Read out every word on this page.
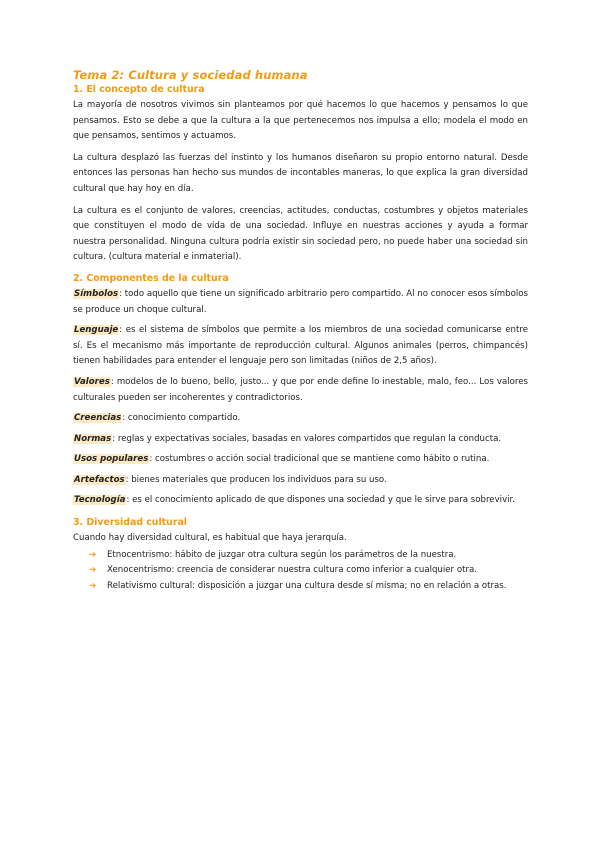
Tema 2: Cultura y sociedad humana
1. El concepto de cultura

La mayoría de nosotros vivimos sin planteamos por qué hacemos lo que hacemos y pensamos lo que pensamos. Esto se debe a que la cultura a la que pertenecemos nos impulsa a ello; modela el modo en que pensamos, sentimos y actuamos.

La cultura desplazó las fuerzas del instinto y los humanos diseñaron su propio entorno natural. Desde entonces las personas han hecho sus mundos de incontables maneras, lo que explica la gran diversidad cultural que hay hoy en día.

La cultura es el conjunto de valores, creencias, actitudes, conductas, costumbres y objetos materiales que constituyen el modo de vida de una sociedad. Influye en nuestras acciones y ayuda a formar nuestra personalidad. Ninguna cultura podría existir sin sociedad pero, no puede haber una sociedad sin cultura. (cultura material e inmaterial).

2. Componentes de la cultura

Símbolos: todo aquello que tiene un significado arbitrario pero compartido. Al no conocer esos símbolos se produce un choque cultural.

Lenguaje: es el sistema de símbolos que permite a los miembros de una sociedad comunicarse entre sí. Es el mecanismo más importante de reproducción cultural. Algunos animales (perros, chimpancés) tienen habilidades para entender el lenguaje pero son limitadas (niños de 2,5 años).

Valores: modelos de lo bueno, bello, justo... y que por ende define lo inestable, malo, feo... Los valores culturales pueden ser incoherentes y contradictorios.

Creencias: conocimiento compartido.

Normas: reglas y expectativas sociales, basadas en valores compartidos que regulan la conducta.

Usos populares: costumbres o acción social tradicional que se mantiene como hábito o rutina.

Artefactos: bienes materiales que producen los individuos para su uso.

Tecnología: es el conocimiento aplicado de que dispones una sociedad y que le sirve para sobrevivir.

3. Diversidad cultural

Cuando hay diversidad cultural, es habitual que haya jerarquía.

➔ Etnocentrismo: hábito de juzgar otra cultura según los parámetros de la nuestra.
➔ Xenocentrismo: creencia de considerar nuestra cultura como inferior a cualquier otra.
➔ Relativismo cultural: disposición a juzgar una cultura desde sí misma; no en relación a otras.
